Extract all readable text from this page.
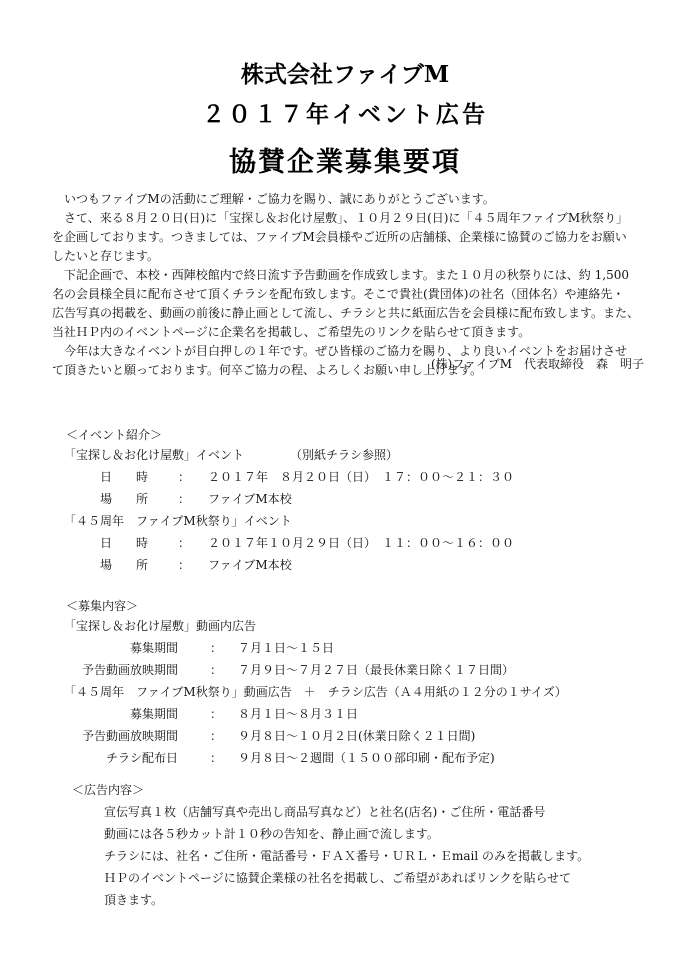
株式会社ファイブM
２０１７年イベント広告
協賛企業募集要項

いつもファイブMの活動にご理解・ご協力を賜り、誠にありがとうございます。

さて、来る８月２０日(日)に「宝探し＆お化け屋敷」、１０月２９日(日)に「４５周年ファイブM秋祭り」

を企画しております。つきましては、ファイブM会員様やご近所の店舗様、企業様に協賛のご協力をお願い

したいと存じます。

下記企画で、本校・西陣校館内で終日流す予告動画を作成致します。また１０月の秋祭りには、約 1,500

名の会員様全員に配布させて頂くチラシを配布致します。そこで貴社(貴団体)の社名（団体名）や連絡先・

広告写真の掲載を、動画の前後に静止画として流し、チラシと共に紙面広告を会員様に配布致します。また、

当社ＨＰ内のイベントページに企業名を掲載し、ご希望先のリンクを貼らせて頂きます。

今年は大きなイベントが目白押しの１年です。ぜひ皆様のご協力を賜り、より良いイベントをお届けさせ

て頂きたいと願っております。何卒ご協力の程、よろしくお願い申し上げます。

(株)ファイブM　代表取締役　森　明子
＜イベント紹介＞
「宝探し＆お化け屋敷」イベント	（別紙チラシ参照）
日　　時 ： ２０１７年　８月２０日（日）　１７：００～２１：３０
場　　所 ： ファイブM本校
「４５周年　ファイブM秋祭り」イベント
日　　時 ： ２０１７年１０月２９日（日）　１１：００～１６：００
場　　所 ： ファイブM本校
＜募集内容＞
「宝探し＆お化け屋敷」動画内広告
募集期間	： ７月１日～１５日
予告動画放映期間	： ７月９日～７月２７日（最長休業日除く１７日間）
「４５周年　ファイブM秋祭り」動画広告　＋　チラシ広告（Ａ４用紙の１２分の１サイズ）
募集期間	： ８月１日～８月３１日
予告動画放映期間	： ９月８日～１０月２日(休業日除く２１日間)
チラシ配布日	： ９月８日～２週間（１５００部印刷・配布予定)
＜広告内容＞
宣伝写真１枚（店舗写真や売出し商品写真など）と社名(店名)・ご住所・電話番号
動画には各５秒カット計１０秒の告知を、静止画で流します。
チラシには、社名・ご住所・電話番号・ＦＡＸ番号・ＵＲＬ・Ｅmail のみを掲載します。
ＨＰのイベントページに協賛企業様の社名を掲載し、ご希望があればリンクを貼らせて
頂きます。
